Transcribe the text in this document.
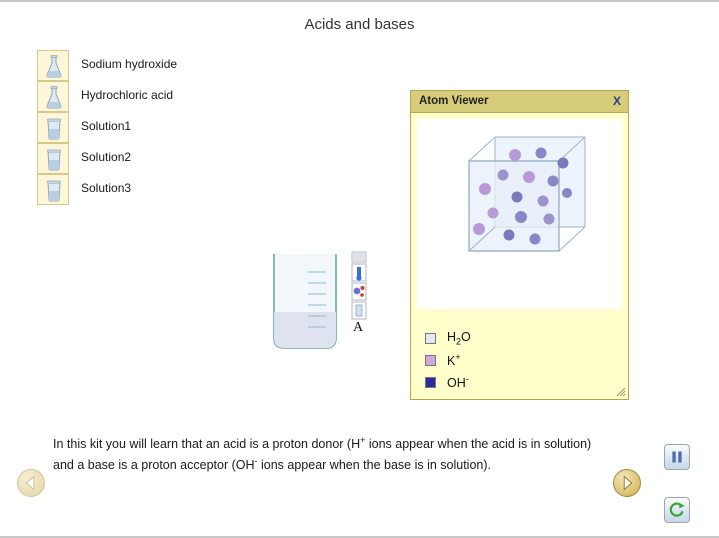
Acids and bases
Sodium hydroxide
Hydrochloric acid
Solution1
Solution2
Solution3
A
Atom Viewer	X
$H_2O$
K+
OH-
In this kit you will learn that an acid is a proton donor (H+ ions appear when the acid is in solution) and a base is a proton acceptor (OH- ions appear when the base is in solution).
